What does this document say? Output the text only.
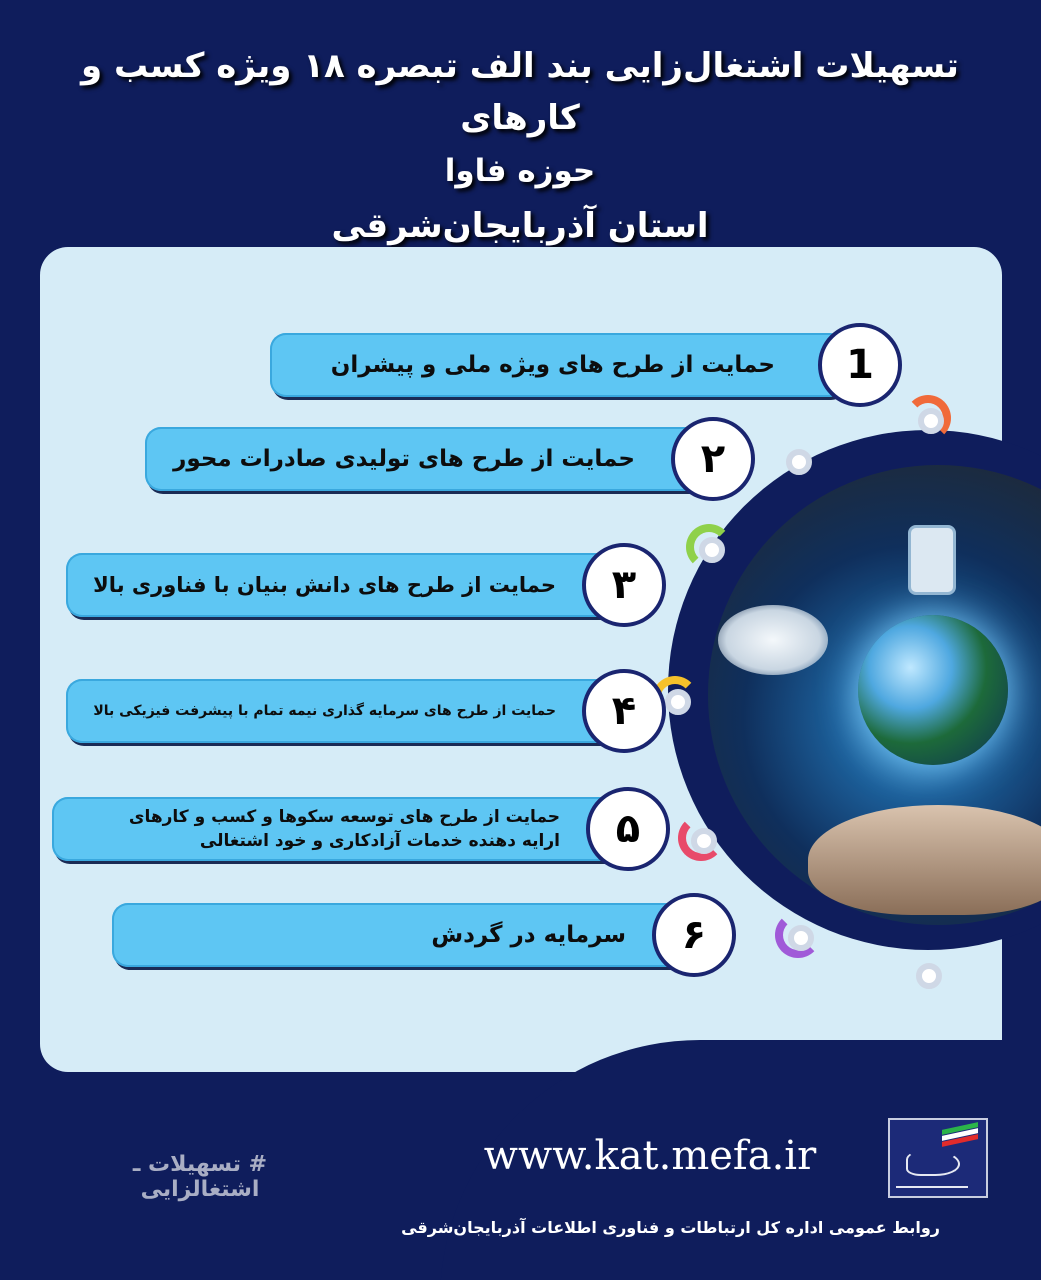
تسهیلات اشتغال‌زایی بند الف تبصره ۱۸ ویژه کسب و کارهای
حوزه فاوا
استان آذربایجان‌شرقی
حمایت از طرح های ویژه ملی و پیشران	1
حمایت از طرح های تولیدی صادرات محور	۲
حمایت از طرح های دانش بنیان با فناوری بالا	۳
حمایت از طرح های سرمایه گذاری نیمه تمام با پیشرفت فیزیکی بالا	۴
حمایت از طرح های توسعه سکوها و کسب و کارهای
ارایه دهنده خدمات آزادکاری و خود اشتغالی	۵
سرمایه در گردش	۶
# تسهیلات ـ اشتغالزایی
www.kat.mefa.ir
روابط عمومی اداره کل ارتباطات و فناوری اطلاعات آذربایجان‌شرقی
